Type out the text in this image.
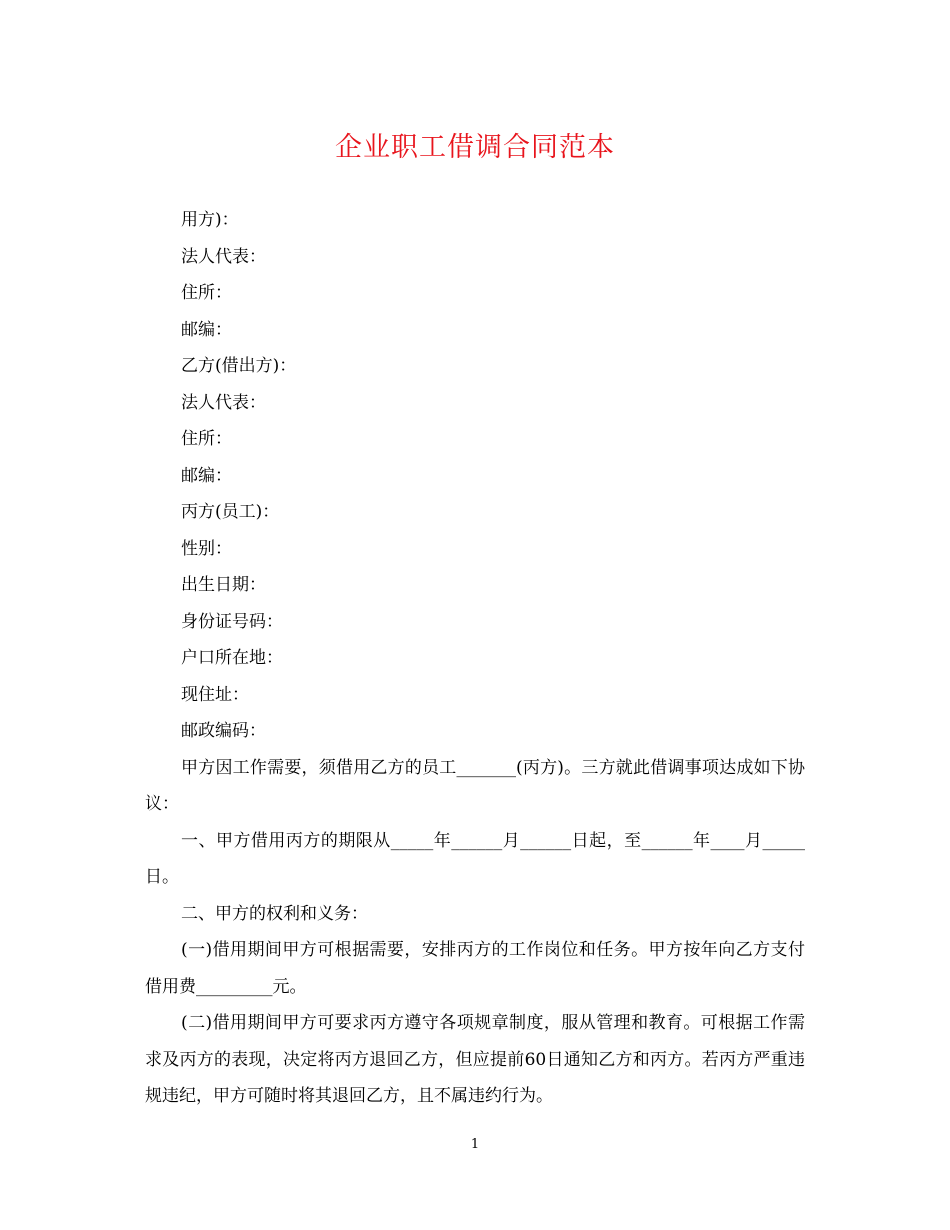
企业职工借调合同范本
用方)：
法人代表：
住所：
邮编：
乙方(借出方)：
法人代表：
住所：
邮编：
丙方(员工)：
性别：
出生日期：
身份证号码：
户口所在地：
现住址：
邮政编码：

甲方因工作需要，须借用乙方的员工_______(丙方)。三方就此借调事项达成如下协议：

一、甲方借用丙方的期限从_____年______月______日起，至______年____月_____日。

二、甲方的权利和义务：

(一)借用期间甲方可根据需要，安排丙方的工作岗位和任务。甲方按年向乙方支付借用费_________元。

(二)借用期间甲方可要求丙方遵守各项规章制度，服从管理和教育。可根据工作需求及丙方的表现，决定将丙方退回乙方，但应提前60日通知乙方和丙方。若丙方严重违规违纪，甲方可随时将其退回乙方，且不属违约行为。

1
